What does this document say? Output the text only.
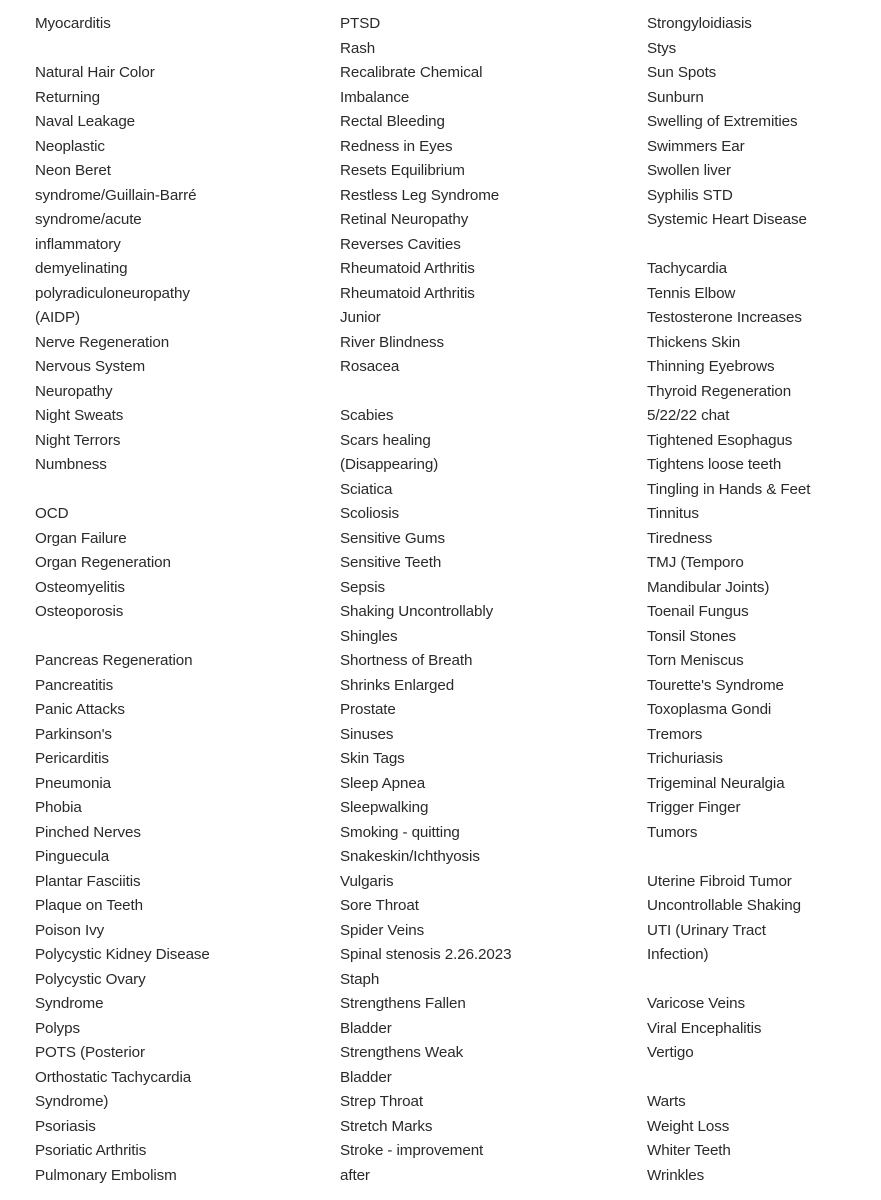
Myocarditis
Natural Hair Color
Returning
Naval Leakage
Neoplastic
Neon Beret
syndrome/Guillain-Barré
syndrome/acute
inflammatory
demyelinating
polyradiculoneuropathy
(AIDP)
Nerve Regeneration
Nervous System
Neuropathy
Night Sweats
Night Terrors
Numbness
OCD
Organ Failure
Organ Regeneration
Osteomyelitis
Osteoporosis
Pancreas Regeneration
Pancreatitis
Panic Attacks
Parkinson's
Pericarditis
Pneumonia
Phobia
Pinched Nerves
Pinguecula
Plantar Fasciitis
Plaque on Teeth
Poison Ivy
Polycystic Kidney Disease
Polycystic Ovary
Syndrome
Polyps
POTS (Posterior
Orthostatic Tachycardia
Syndrome)
Psoriasis
Psoriatic Arthritis
Pulmonary Embolism
PTSD
Rash
Recalibrate Chemical
Imbalance
Rectal Bleeding
Redness in Eyes
Resets Equilibrium
Restless Leg Syndrome
Retinal Neuropathy
Reverses Cavities
Rheumatoid Arthritis
Rheumatoid Arthritis
Junior
River Blindness
Rosacea
Scabies
Scars healing
(Disappearing)
Sciatica
Scoliosis
Sensitive Gums
Sensitive Teeth
Sepsis
Shaking Uncontrollably
Shingles
Shortness of Breath
Shrinks Enlarged
Prostate
Sinuses
Skin Tags
Sleep Apnea
Sleepwalking
Smoking - quitting
Snakeskin/Ichthyosis
Vulgaris
Sore Throat
Spider Veins
Spinal stenosis 2.26.2023
Staph
Strengthens Fallen
Bladder
Strengthens Weak
Bladder
Strep Throat
Stretch Marks
Stroke - improvement
after
Strongyloidiasis
Stys
Sun Spots
Sunburn
Swelling of Extremities
Swimmers Ear
Swollen liver
Syphilis STD
Systemic Heart Disease
Tachycardia
Tennis Elbow
Testosterone Increases
Thickens Skin
Thinning Eyebrows
Thyroid Regeneration
5/22/22 chat
Tightened Esophagus
Tightens loose teeth
Tingling in Hands & Feet
Tinnitus
Tiredness
TMJ (Temporo
Mandibular Joints)
Toenail Fungus
Tonsil Stones
Torn Meniscus
Tourette's Syndrome
Toxoplasma Gondi
Tremors
Trichuriasis
Trigeminal Neuralgia
Trigger Finger
Tumors
Uterine Fibroid Tumor
Uncontrollable Shaking
UTI (Urinary Tract
Infection)
Varicose Veins
Viral Encephalitis
Vertigo
Warts
Weight Loss
Whiter Teeth
Wrinkles
